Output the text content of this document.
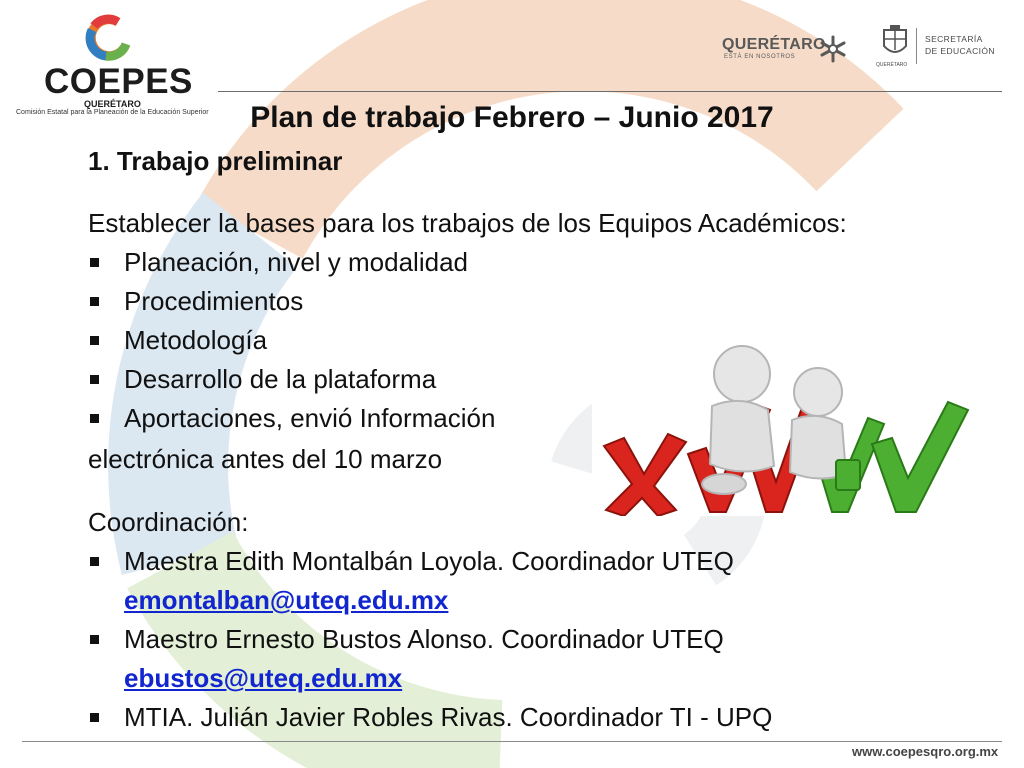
COEPES
QUERÉTARO
Comisión Estatal para la Planeación de la Educación Superior
QUERÉTARO
ESTÁ EN NOSOTROS
SECRETARÍA
DE EDUCACIÓN
QUERÉTARO
Plan de trabajo Febrero – Junio 2017
1. Trabajo preliminar
Establecer la bases para los trabajos de los Equipos Académicos:
Planeación, nivel y modalidad
Procedimientos
Metodología
Desarrollo de la plataforma
Aportaciones, envió Información
electrónica antes del 10 marzo
Coordinación:
Maestra Edith Montalbán Loyola. Coordinador UTEQ
emontalban@uteq.edu.mx
Maestro Ernesto Bustos Alonso. Coordinador UTEQ
ebustos@uteq.edu.mx
MTIA. Julián Javier Robles Rivas. Coordinador TI - UPQ
www.coepesqro.org.mx
